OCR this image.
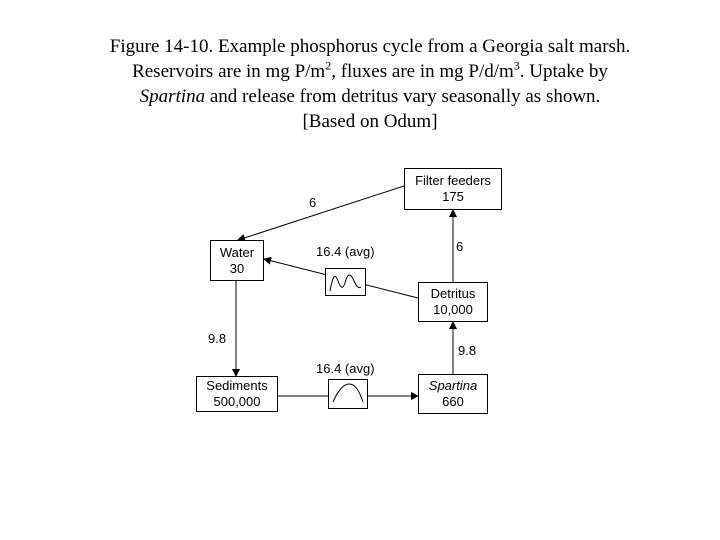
Figure 14-10. Example phosphorus cycle from a Georgia salt marsh.
Reservoirs are in mg $P/m^2$, fluxes are in mg $P/d/m^3$. Uptake by
Spartina and release from detritus vary seasonally as shown.
[Based on Odum]
Filter feeders
175
Water
30
Detritus
10,000
Sediments
500,000
Spartina
660
6
6
16.4 (avg)
9.8
9.8
16.4 (avg)
